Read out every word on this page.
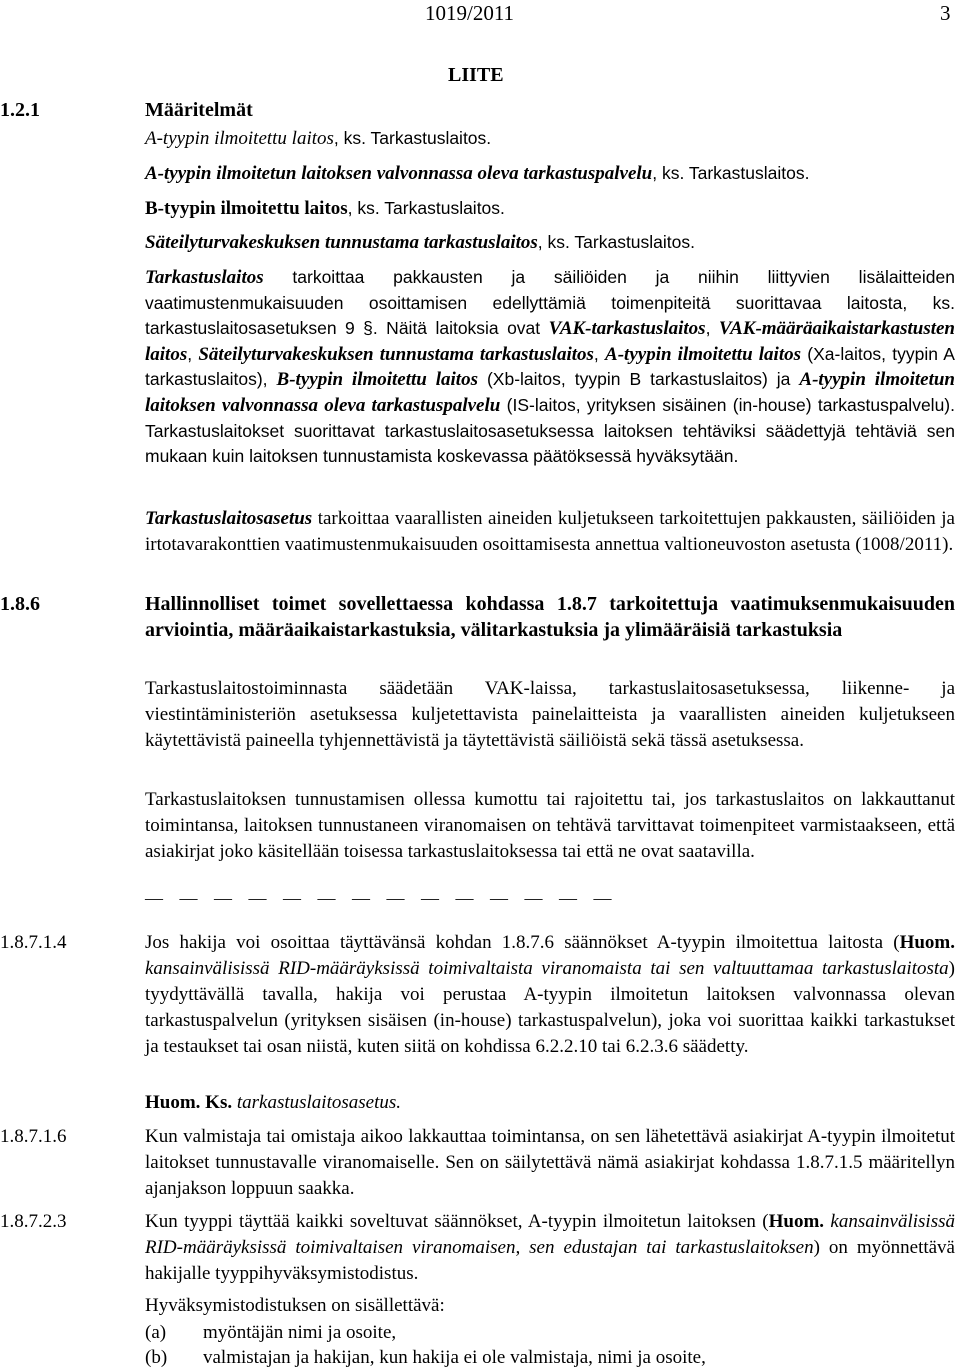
1019/2011	3
LIITE
1.2.1	Määritelmät
A-tyypin ilmoitettu laitos, ks. Tarkastuslaitos.
A-tyypin ilmoitetun laitoksen valvonnassa oleva tarkastuspalvelu, ks. Tarkastuslaitos.
B-tyypin ilmoitettu laitos, ks. Tarkastuslaitos.
Säteilyturvakeskuksen tunnustama tarkastuslaitos, ks. Tarkastuslaitos.
Tarkastuslaitos tarkoittaa pakkausten ja säiliöiden ja niihin liittyvien lisälaitteiden vaatimustenmukaisuuden osoittamisen edellyttämiä toimenpiteitä suorittavaa laitosta, ks. tarkastuslaitosasetuksen 9 §. Näitä laitoksia ovat VAK-tarkastuslaitos, VAK-määräaikaistarkastusten laitos, Säteilyturvakeskuksen tunnustama tarkastuslaitos, A-tyypin ilmoitettu laitos (Xa-laitos, tyypin A tarkastuslaitos), B-tyypin ilmoitettu laitos (Xb-laitos, tyypin B tarkastuslaitos) ja A-tyypin ilmoitetun laitoksen valvonnassa oleva tarkastuspalvelu (IS-laitos, yrityksen sisäinen (in-house) tarkastuspalvelu). Tarkastuslaitokset suorittavat tarkastuslaitosasetuksessa laitoksen tehtäviksi säädettyjä tehtäviä sen mukaan kuin laitoksen tunnustamista koskevassa päätöksessä hyväksytään.
Tarkastuslaitosasetus tarkoittaa vaarallisten aineiden kuljetukseen tarkoitettujen pakkausten, säiliöiden ja irtotavarakonttien vaatimustenmukaisuuden osoittamisesta annettua valtioneuvoston asetusta (1008/2011).
1.8.6	Hallinnolliset toimet sovellettaessa kohdassa 1.8.7 tarkoitettuja vaatimuksenmukaisuuden arviointia, määräaikaistarkastuksia, välitarkastuksia ja ylimääräisiä tarkastuksia
Tarkastuslaitostoiminnasta säädetään VAK-laissa, tarkastuslaitosasetuksessa, liikenne- ja viestintäministeriön asetuksessa kuljetettavista painelaitteista ja vaarallisten aineiden kuljetukseen käytettävistä paineella tyhjennettävistä ja täytettävistä säiliöistä sekä tässä asetuksessa.
Tarkastuslaitoksen tunnustamisen ollessa kumottu tai rajoitettu tai, jos tarkastuslaitos on lakkauttanut toimintansa, laitoksen tunnustaneen viranomaisen on tehtävä tarvittavat toimenpiteet varmistaakseen, että asiakirjat joko käsitellään toisessa tarkastuslaitoksessa tai että ne ovat saatavilla.
— — — — — — — — — — — — — —
1.8.7.1.4	Jos hakija voi osoittaa täyttävänsä kohdan 1.8.7.6 säännökset A-tyypin ilmoitettua laitosta (Huom. kansainvälisissä RID-määräyksissä toimivaltaista viranomaista tai sen valtuuttamaa tarkastuslaitosta) tyydyttävällä tavalla, hakija voi perustaa A-tyypin ilmoitetun laitoksen valvonnassa olevan tarkastuspalvelun (yrityksen sisäisen (in-house) tarkastuspalvelun), joka voi suorittaa kaikki tarkastukset ja testaukset tai osan niistä, kuten siitä on kohdissa 6.2.2.10 tai 6.2.3.6 säädetty.
Huom. Ks. tarkastuslaitosasetus.
1.8.7.1.6	Kun valmistaja tai omistaja aikoo lakkauttaa toimintansa, on sen lähetettävä asiakirjat A-tyypin ilmoitetut laitokset tunnustavalle viranomaiselle. Sen on säilytettävä nämä asiakirjat kohdassa 1.8.7.1.5 määritellyn ajanjakson loppuun saakka.
1.8.7.2.3	Kun tyyppi täyttää kaikki soveltuvat säännökset, A-tyypin ilmoitetun laitoksen (Huom. kansainvälisissä RID-määräyksissä toimivaltaisen viranomaisen, sen edustajan tai tarkastuslaitoksen) on myönnettävä hakijalle tyyppihyväksymistodistus.
Hyväksymistodistuksen on sisällettävä:
(a) myöntäjän nimi ja osoite,
(b) valmistajan ja hakijan, kun hakija ei ole valmistaja, nimi ja osoite,
